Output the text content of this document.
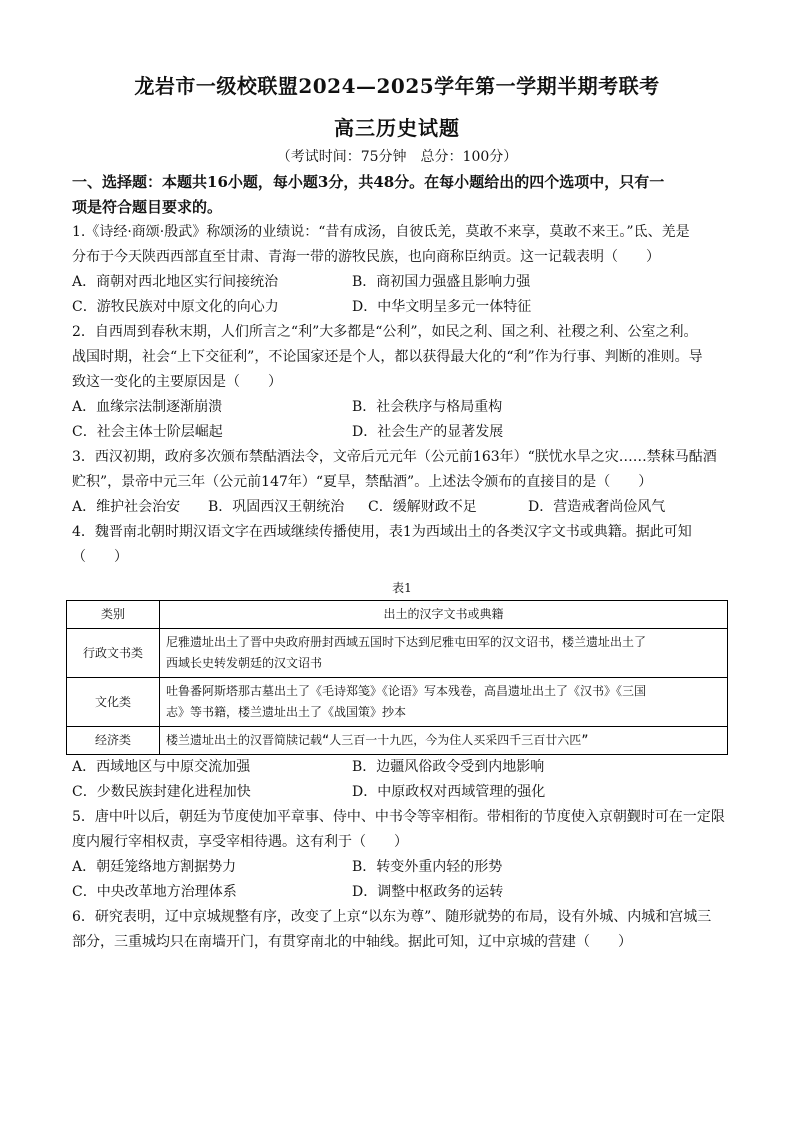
龙岩市一级校联盟2024—2025学年第一学期半期考联考
高三历史试题
（考试时间：75分钟　总分：100分）
一、选择题：本题共16小题，每小题3分，共48分。在每小题给出的四个选项中，只有一
项是符合题目要求的。

1.《诗经·商颂·殷武》称颂汤的业绩说：“昔有成汤，自彼氐羌，莫敢不来享，莫敢不来王。”氐、羌是

分布于今天陕西西部直至甘肃、青海一带的游牧民族，也向商称臣纳贡。这一记载表明（　　）

A．商朝对西北地区实行间接统治	B．商初国力强盛且影响力强
C．游牧民族对中原文化的向心力	D．中华文明呈多元一体特征

2．自西周到春秋末期，人们所言之“利”大多都是“公利”，如民之利、国之利、社稷之利、公室之利。

战国时期，社会“上下交征利”，不论国家还是个人，都以获得最大化的“利”作为行事、判断的准则。导

致这一变化的主要原因是（　　）

A．血缘宗法制逐渐崩溃	B．社会秩序与格局重构
C．社会主体士阶层崛起	D．社会生产的显著发展

3．西汉初期，政府多次颁布禁酤酒法令，文帝后元元年（公元前163年）“朕忧水旱之灾……禁秣马酤酒

贮积”，景帝中元三年（公元前147年）“夏旱，禁酤酒”。上述法令颁布的直接目的是（　　）

A．维护社会治安	B．巩固西汉王朝统治	C．缓解财政不足	D．营造戒奢尚俭风气

4．魏晋南北朝时期汉语文字在西域继续传播使用，表1为西域出土的各类汉字文书或典籍。据此可知

（　　）

表1
类别	出土的汉字文书或典籍
行政文书类	尼雅遗址出土了晋中央政府册封西域五国时下达到尼雅屯田军的汉文诏书，楼兰遗址出土了
西域长史转发朝廷的汉文诏书

文化类	吐鲁番阿斯塔那古墓出土了《毛诗郑笺》《论语》写本残卷，高昌遗址出土了《汉书》《三国
志》等书籍，楼兰遗址出土了《战国策》抄本

经济类	楼兰遗址出土的汉晋简牍记载“人三百一十九匹，今为住人买采四千三百廿六匹”
A．西域地区与中原交流加强	B．边疆风俗政令受到内地影响
C．少数民族封建化进程加快	D．中原政权对西域管理的强化

5．唐中叶以后，朝廷为节度使加平章事、侍中、中书令等宰相衔。带相衔的节度使入京朝觐时可在一定限

度内履行宰相权责，享受宰相待遇。这有利于（　　）

A．朝廷笼络地方割据势力	B．转变外重内轻的形势
C．中央改革地方治理体系	D．调整中枢政务的运转

6．研究表明，辽中京城规整有序，改变了上京“以东为尊”、随形就势的布局，设有外城、内城和宫城三

部分，三重城均只在南墙开门，有贯穿南北的中轴线。据此可知，辽中京城的营建（　　）
